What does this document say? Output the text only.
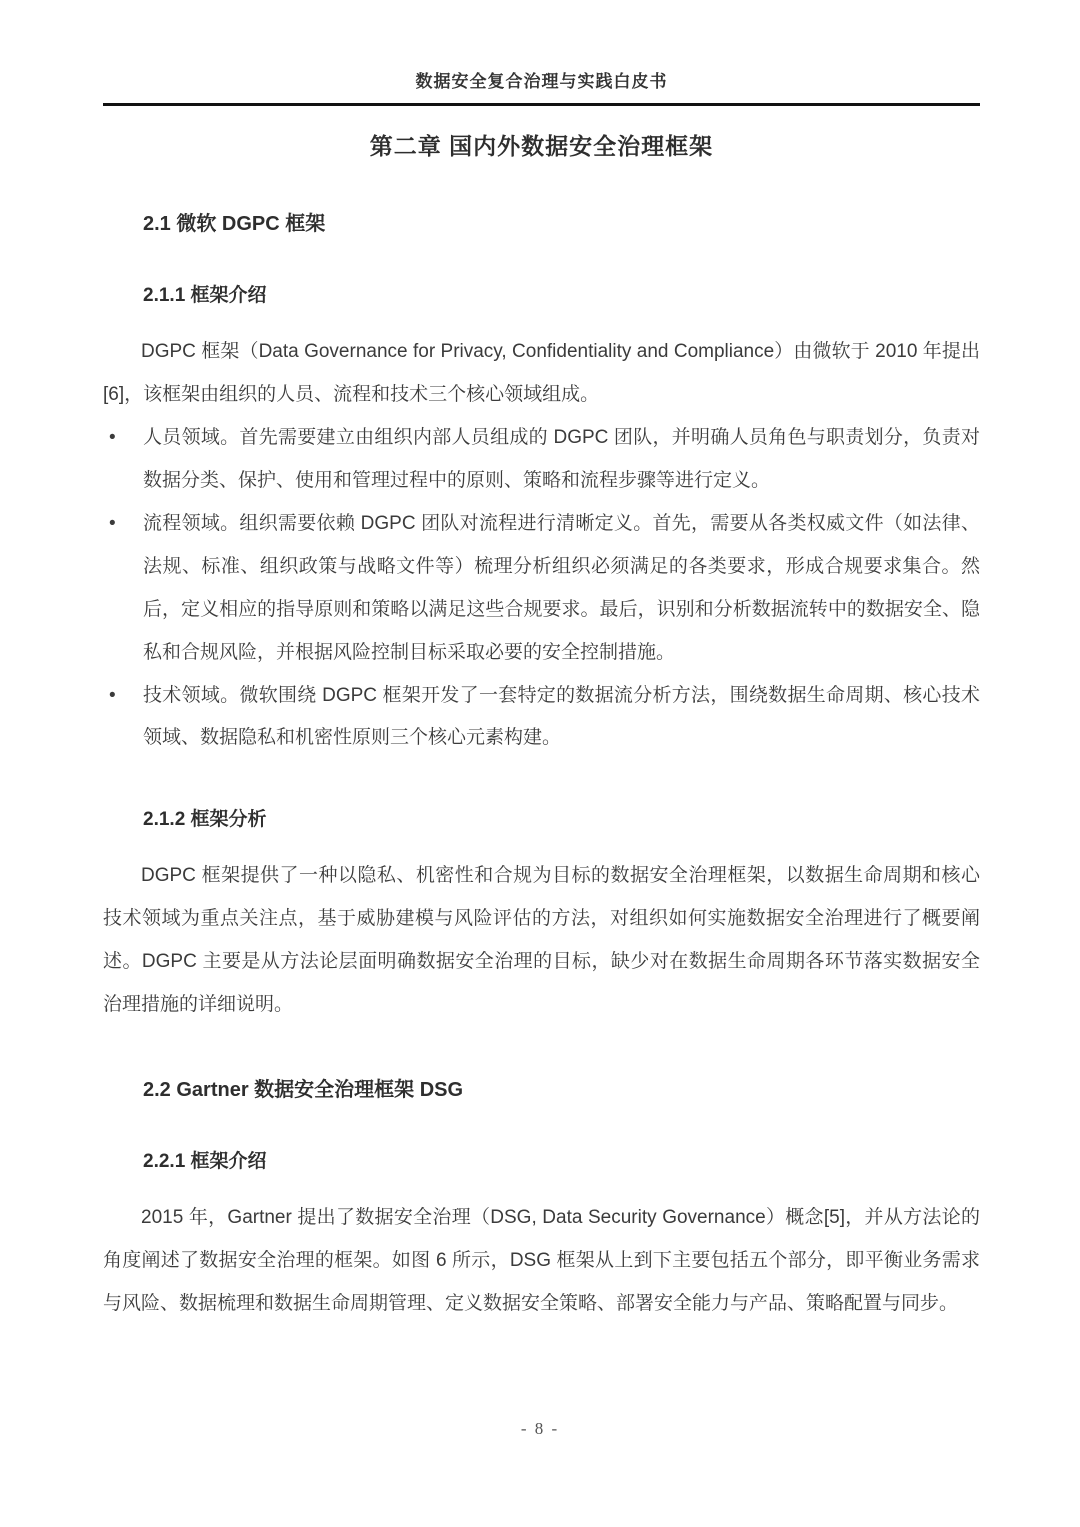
数据安全复合治理与实践白皮书
第二章 国内外数据安全治理框架
2.1 微软 DGPC 框架
2.1.1 框架介绍

DGPC 框架（Data Governance for Privacy, Confidentiality and Compliance）由微软于 2010 年提出[6]，该框架由组织的人员、流程和技术三个核心领域组成。

• 人员领域。首先需要建立由组织内部人员组成的 DGPC 团队，并明确人员角色与职责划分，负责对数据分类、保护、使用和管理过程中的原则、策略和流程步骤等进行定义。
• 流程领域。组织需要依赖 DGPC 团队对流程进行清晰定义。首先，需要从各类权威文件（如法律、法规、标准、组织政策与战略文件等）梳理分析组织必须满足的各类要求，形成合规要求集合。然后，定义相应的指导原则和策略以满足这些合规要求。最后，识别和分析数据流转中的数据安全、隐私和合规风险，并根据风险控制目标采取必要的安全控制措施。
• 技术领域。微软围绕 DGPC 框架开发了一套特定的数据流分析方法，围绕数据生命周期、核心技术领域、数据隐私和机密性原则三个核心元素构建。
2.1.2 框架分析

DGPC 框架提供了一种以隐私、机密性和合规为目标的数据安全治理框架，以数据生命周期和核心技术领域为重点关注点，基于威胁建模与风险评估的方法，对组织如何实施数据安全治理进行了概要阐述。DGPC 主要是从方法论层面明确数据安全治理的目标，缺少对在数据生命周期各环节落实数据安全治理措施的详细说明。

2.2 Gartner 数据安全治理框架 DSG
2.2.1 框架介绍

2015 年，Gartner 提出了数据安全治理（DSG, Data Security Governance）概念[5]，并从方法论的角度阐述了数据安全治理的框架。如图 6 所示，DSG 框架从上到下主要包括五个部分，即平衡业务需求与风险、数据梳理和数据生命周期管理、定义数据安全策略、部署安全能力与产品、策略配置与同步。

- 8 -
